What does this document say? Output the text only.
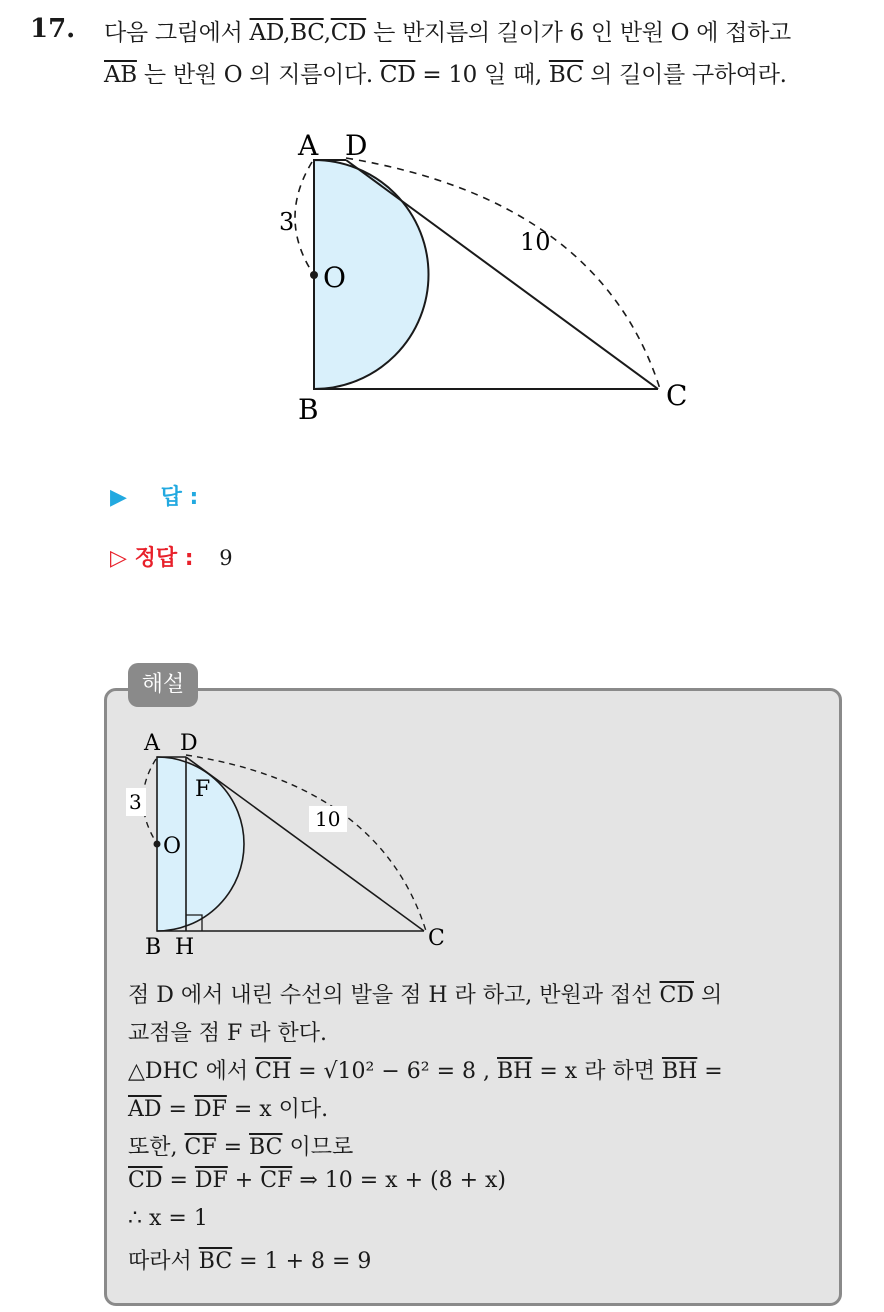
17. 다음 그림에서 $\overline{AD},\overline{BC},\overline{CD}$ 는 반지름의 길이가 6 인 반원 O 에 접하고
$\overline{AB}$ 는 반원 O 의 지름이다. $\overline{CD} = 10$ 일 때, $\overline{BC}$ 의 길이를 구하여라.
A D
O
B	C
3
10
▶ 답 :
▷ 정답 : 9
해설
A D
F
O
B H	C
3
10
점 D 에서 내린 수선의 발을 점 H 라 하고, 반원과 접선 $\overline{CD}$ 의
교점을 점 F 라 한다.
△DHC 에서 $\overline{CH} = √10^2 - 6^2 = 8$ , $\overline{BH} = x$ 라 하면 $\overline{BH}$ =
$\overline{AD} = \overline{DF} = x$ 이다.
또한, $\overline{CF} = \overline{BC}$ 이므로
$\overline{CD} = \overline{DF} + \overline{CF}$ ⇒ 10 = x + (8 + x)
∴ x = 1
따라서 $\overline{BC} = 1 + 8 = 9$
